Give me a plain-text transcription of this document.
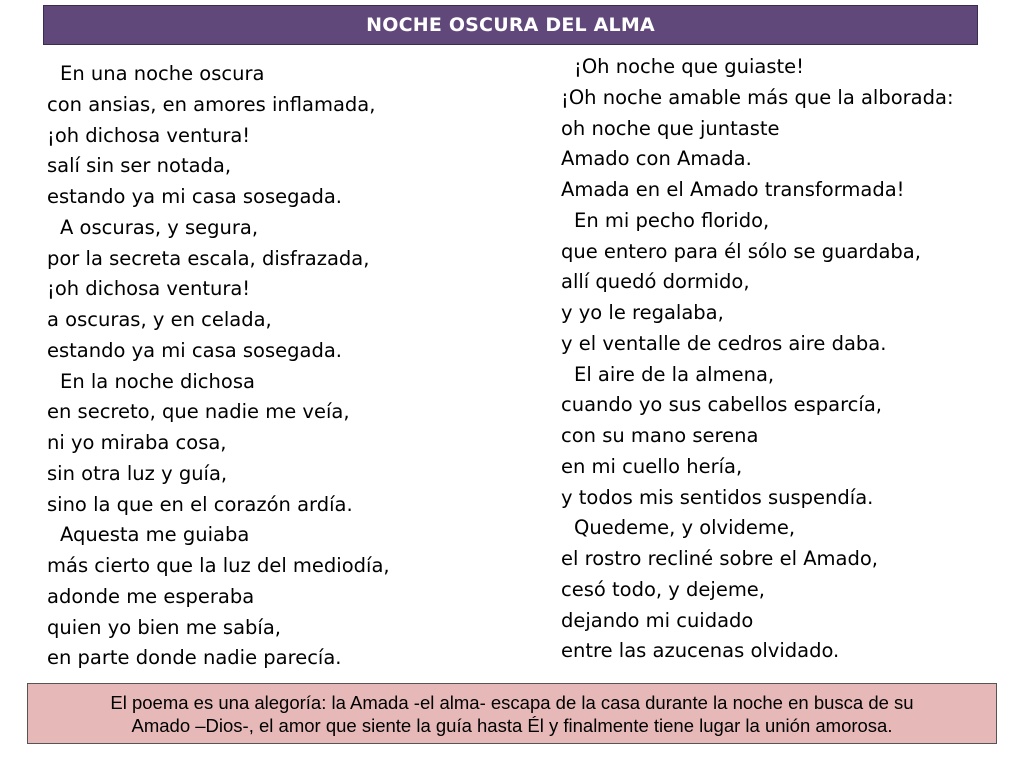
NOCHE OSCURA DEL ALMA
En una noche oscura
con ansias, en amores inflamada,
¡oh dichosa ventura!
salí sin ser notada,
estando ya mi casa sosegada.
A oscuras, y segura,
por la secreta escala, disfrazada,
¡oh dichosa ventura!
a oscuras, y en celada,
estando ya mi casa sosegada.
En la noche dichosa
en secreto, que nadie me veía,
ni yo miraba cosa,
sin otra luz y guía,
sino la que en el corazón ardía.
Aquesta me guiaba
más cierto que la luz del mediodía,
adonde me esperaba
quien yo bien me sabía,
en parte donde nadie parecía.
¡Oh noche que guiaste!
¡Oh noche amable más que la alborada:
oh noche que juntaste
Amado con Amada.
Amada en el Amado transformada!
En mi pecho florido,
que entero para él sólo se guardaba,
allí quedó dormido,
y yo le regalaba,
y el ventalle de cedros aire daba.
El aire de la almena,
cuando yo sus cabellos esparcía,
con su mano serena
en mi cuello hería,
y todos mis sentidos suspendía.
Quedeme, y olvideme,
el rostro recliné sobre el Amado,
cesó todo, y dejeme,
dejando mi cuidado
entre las azucenas olvidado.
El poema es una alegoría: la Amada -el alma- escapa de la casa durante la noche en busca de su
Amado –Dios-, el amor que siente la guía hasta Él y finalmente tiene lugar la unión amorosa.
